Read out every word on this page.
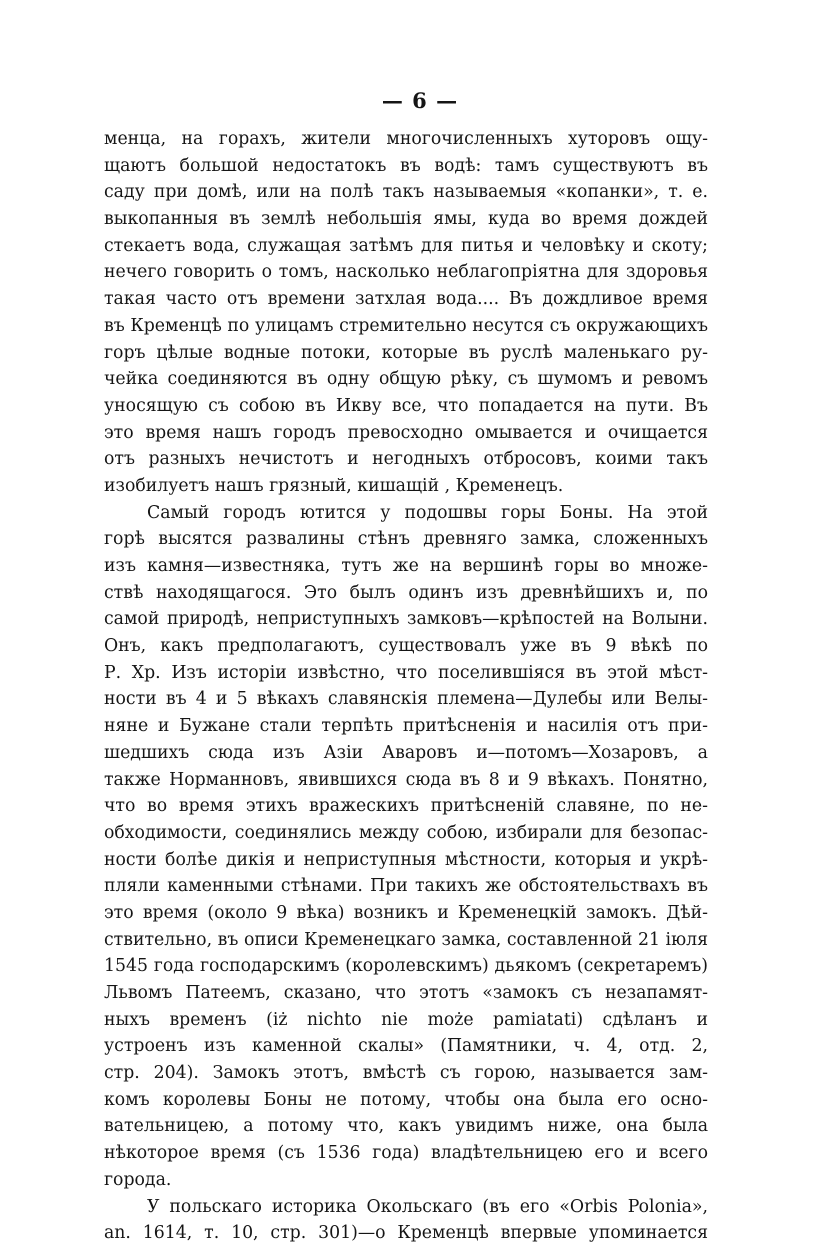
— 6 —
менца, на горахъ, жители многочисленныхъ хуторовъ ощу-
щаютъ большой недостатокъ въ водѣ: тамъ существуютъ въ
саду при домѣ, или на полѣ такъ называемыя «копанки», т. е.
выкопанныя въ землѣ небольшія ямы, куда во время дождей
стекаетъ вода, служащая затѣмъ для питья и человѣку и скоту;
нечего говорить о томъ, насколько неблагопріятна для здоровья
такая часто отъ времени затхлая вода.... Въ дождливое время
въ Кременцѣ по улицамъ стремительно несутся съ окружающихъ
горъ цѣлые водные потоки, которые въ руслѣ маленькаго ру-
чейка соединяются въ одну общую рѣку, съ шумомъ и ревомъ
уносящую съ собою въ Икву все, что попадается на пути. Въ
это время нашъ городъ превосходно омывается и очищается
отъ разныхъ нечистотъ и негодныхъ отбросовъ, коими такъ
изобилуетъ нашъ грязный, кишащій , Кременецъ.
Самый городъ ютится у подошвы горы Боны. На этой
горѣ высятся развалины стѣнъ древняго замка, сложенныхъ
изъ камня—известняка, тутъ же на вершинѣ горы во множе-
ствѣ находящагося. Это былъ одинъ изъ древнѣйшихъ и, по
самой природѣ, неприступныхъ замковъ—крѣпостей на Волыни.
Онъ, какъ предполагаютъ, существовалъ уже въ 9 вѣкѣ по
Р. Хр. Изъ исторіи извѣстно, что поселившіяся въ этой мѣст-
ности въ 4 и 5 вѣкахъ славянскія племена—Дулебы или Велы-
няне и Бужане стали терпѣть притѣсненія и насилія отъ при-
шедшихъ сюда изъ Азіи Аваровъ и—потомъ—Хозаровъ, а
также Норманновъ, явившихся сюда въ 8 и 9 вѣкахъ. Понятно,
что во время этихъ вражескихъ притѣсненій славяне, по не-
обходимости, соединялись между собою, избирали для безопас-
ности болѣе дикія и неприступныя мѣстности, которыя и укрѣ-
пляли каменными стѣнами. При такихъ же обстоятельствахъ въ
это время (около 9 вѣка) возникъ и Кременецкій замокъ. Дѣй-
ствительно, въ описи Кременецкаго замка, составленной 21 іюля
1545 года господарскимъ (королевскимъ) дьякомъ (секретаремъ)
Львомъ Патеемъ, сказано, что этотъ «замокъ съ незапамят-
ныхъ временъ (iż nichto nie może pamiatati) сдѣланъ и
устроенъ изъ каменной скалы» (Памятники, ч. 4, отд. 2,
стр. 204). Замокъ этотъ, вмѣстѣ съ горою, называется зам-
комъ королевы Боны не потому, чтобы она была его осно-
вательницею, а потому что, какъ увидимъ ниже, она была
нѣкоторое время (съ 1536 года) владѣтельницею его и всего
города.
У польскаго историка Окольскаго (въ его «Orbis Polonia»,
an. 1614, т. 10, стр. 301)—о Кременцѣ впервые упоминается
